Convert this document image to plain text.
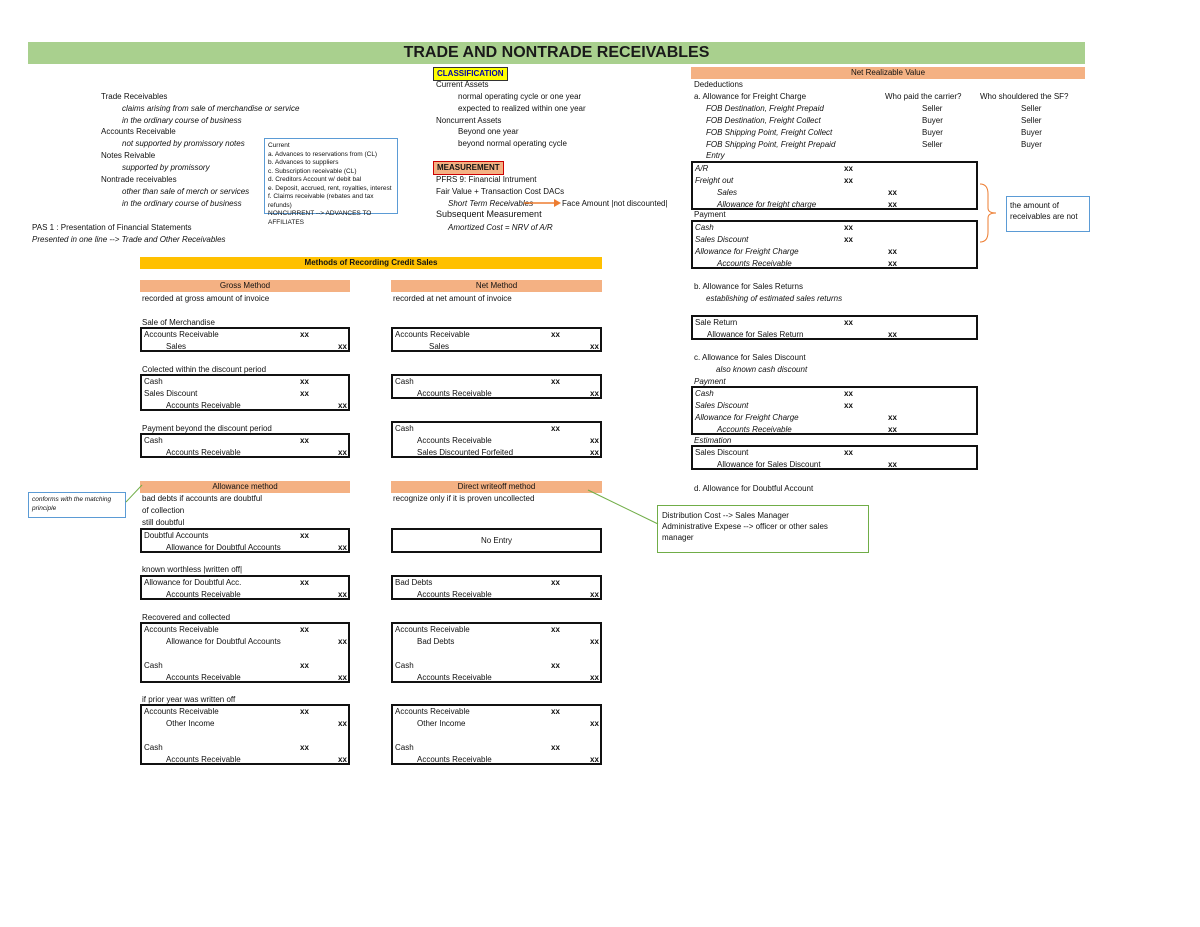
TRADE AND NONTRADE RECEIVABLES
Trade Receivables
claims arising from sale of merchandise or service
in the ordinary course of business
Accounts Receivable
not supported by promissory notes
Notes Reivable
supported by promissory
Nontrade receivables
other than sale of merch or services
in the ordinary course of business
PAS 1 : Presentation of Financial Statements
Presented in one line --> Trade and Other Receivables
Current
a. Advances to reservations from (CL)
b. Advances to suppliers
c. Subscription receivable (CL)
d. Creditors Account w/ debit bal
e. Deposit, accrued, rent, royalties, interest
f. Claims receivable (rebates and tax refunds)
NONCURRENT --> ADVANCES TO AFFILIATES
CLASSIFICATION
Current Assets
normal operating cycle or one year
expected to realized within one year
Noncurrent Assets
Beyond one year
beyond normal operating cycle
PFRS 9: Financial Intrument
Fair Value + Transaction Cost DACs
Short Term Receivables	Face Amount |not discounted|
Amortized Cost = NRV of A/R
MEASUREMENT
Subsequent Measurement
Methods of Recording Credit Sales
Gross Method	Net Method
recorded at gross amount of invoice	recorded at net amount of invoice
Sale of Merchandise
Colected within the discount period
Payment beyond the discount period
Allowance method	Direct writeoff method
bad debts if accounts are doubtful
of collection
still doubtful
recognize only if it is proven uncollected
No Entry
known worthless |written off|
Recovered and collected
if prior year was written off
conforms with the matching principle
Net Realizable Value
Dedeductions
a. Allowance for Freight Charge	Who paid the carrier? Who shouldered the SF?
FOB Destination, Freight Prepaid	Seller	Seller
FOB Destination, Freight Collect	Buyer	Seller
FOB Shipping Point, Freight Collect	Buyer	Buyer
FOB Shipping Point, Freight Prepaid	Seller	Buyer
Entry
Payment
the amount of receivables are not
b. Allowance for Sales Returns
establishing of estimated sales returns
c. Allowance for Sales Discount
also known cash discount
Payment
Estimation
d. Allowance for Doubtful Account
Distribution Cost --> Sales Manager
Administrative Expese --> officer or other sales
manager
Accounts Receivable	xx
Sales	xx
Accounts Receivable	xx
Sales	xx
Cash	xx
Sales Discount	xx
Accounts Receivable	xx
Cash	xx
Accounts Receivable	xx
Cash	xx
Accounts Receivable	xx
Cash	xx
Accounts Receivable	xx
Sales Discounted Forfeited	xx
Doubtful Accounts	xx
Allowance for Doubtful Accounts	xx
Allowance for Doubtful Acc.	xx
Accounts Receivable	xx
Bad Debts	xx
Accounts Receivable	xx
Accounts Receivable	xx
Allowance for Doubtful Accounts	xx
Cash	xx
Accounts Receivable	xx
Accounts Receivable	xx
Bad Debts	xx
Cash	xx
Accounts Receivable	xx
Accounts Receivable	xx
Other Income	xx
Cash	xx
Accounts Receivable	xx
Accounts Receivable	xx
Other Income	xx
Cash	xx
Accounts Receivable	xx
A/R	xx
Freight out	xx
Sales	xx
Allowance for freight charge	xx
Cash	xx
Sales Discount	xx
Allowance for Freight Charge	xx
Accounts Receivable	xx
Sale Return	xx
Allowance for Sales Return	xx
Cash	xx
Sales Discount	xx
Allowance for Freight Charge	xx
Accounts Receivable	xx
Sales Discount	xx
Allowance for Sales Discount	xx
